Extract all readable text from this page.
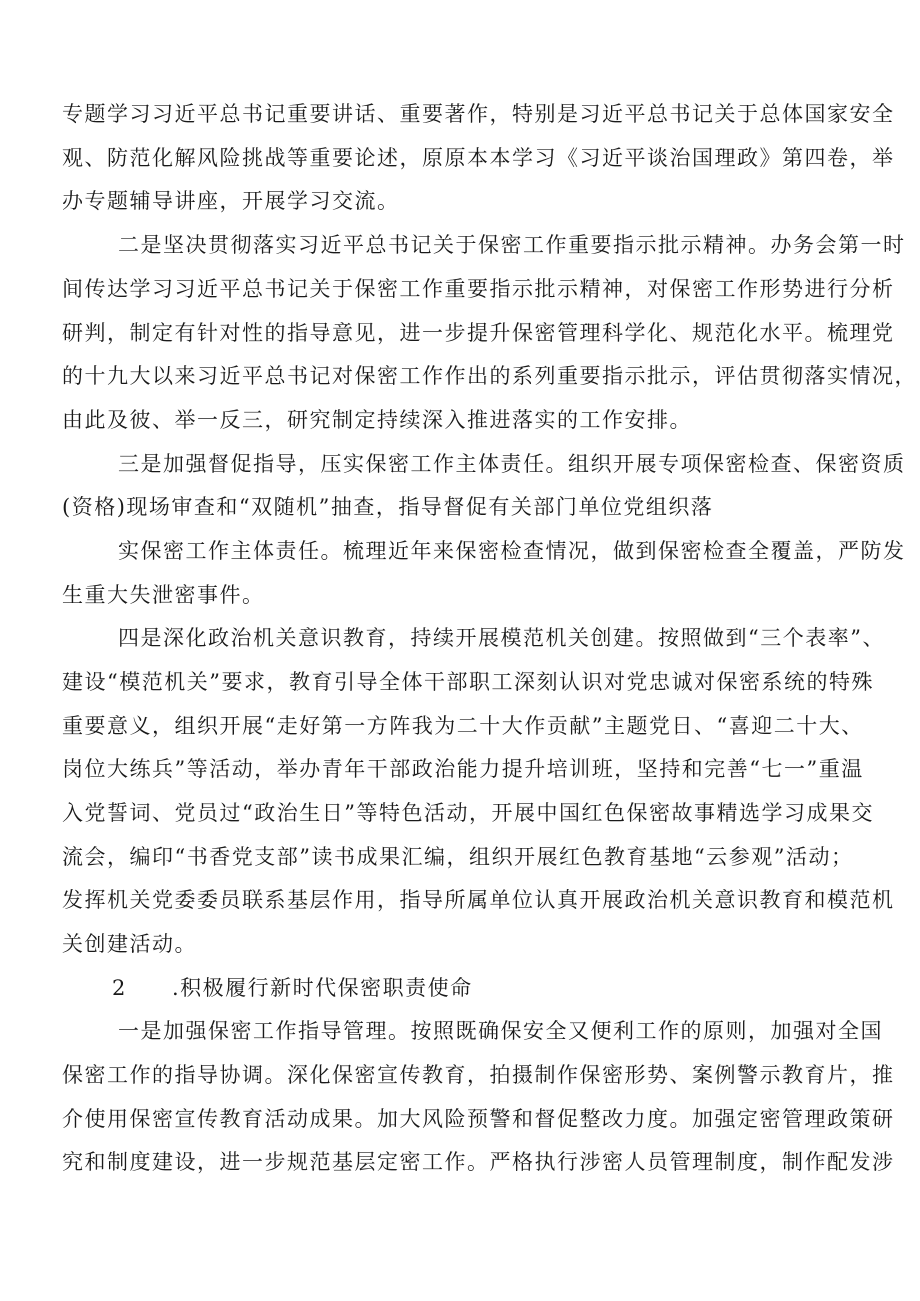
专题学习习近平总书记重要讲话、重要著作，特别是习近平总书记关于总体国家安全
观、防范化解风险挑战等重要论述，原原本本学习《习近平谈治国理政》第四卷，举
办专题辅导讲座，开展学习交流。
二是坚决贯彻落实习近平总书记关于保密工作重要指示批示精神。办务会第一时
间传达学习习近平总书记关于保密工作重要指示批示精神，对保密工作形势进行分析
研判，制定有针对性的指导意见，进一步提升保密管理科学化、规范化水平。梳理党
的十九大以来习近平总书记对保密工作作出的系列重要指示批示，评估贯彻落实情况，
由此及彼、举一反三，研究制定持续深入推进落实的工作安排。
三是加强督促指导，压实保密工作主体责任。组织开展专项保密检查、保密资质
(资格)现场审查和“双随机”抽查，指导督促有关部门单位党组织落
实保密工作主体责任。梳理近年来保密检查情况，做到保密检查全覆盖，严防发
生重大失泄密事件。
四是深化政治机关意识教育，持续开展模范机关创建。按照做到“三个表率”、
建设“模范机关”要求，教育引导全体干部职工深刻认识对党忠诚对保密系统的特殊
重要意义，组织开展“走好第一方阵我为二十大作贡献”主题党日、“喜迎二十大、
岗位大练兵”等活动，举办青年干部政治能力提升培训班，坚持和完善“七一”重温
入党誓词、党员过“政治生日”等特色活动，开展中国红色保密故事精选学习成果交
流会，编印“书香党支部”读书成果汇编，组织开展红色教育基地“云参观”活动；
发挥机关党委委员联系基层作用，指导所属单位认真开展政治机关意识教育和模范机
关创建活动。
2 .积极履行新时代保密职责使命
一是加强保密工作指导管理。按照既确保安全又便利工作的原则，加强对全国
保密工作的指导协调。深化保密宣传教育，拍摄制作保密形势、案例警示教育片，推
介使用保密宣传教育活动成果。加大风险预警和督促整改力度。加强定密管理政策研
究和制度建设，进一步规范基层定密工作。严格执行涉密人员管理制度，制作配发涉
